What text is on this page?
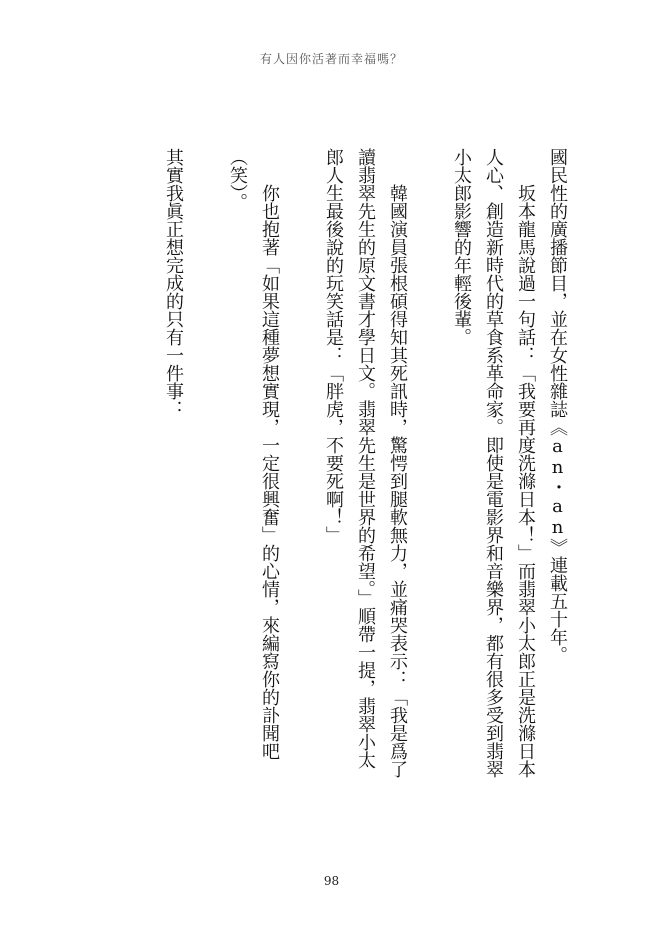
有人因你活著而幸福嗎？

國民性的廣播節目，並在女性雜誌《an・an》連載五十年。

坂本龍馬說過一句話：「我要再度洗滌日本！」而翡翠小太郎正是洗滌日本

人心、創造新時代的草食系革命家。即使是電影界和音樂界，都有很多受到翡翠

小太郎影響的年輕後輩。

韓國演員張根碩得知其死訊時，驚愕到腿軟無力，並痛哭表示：「我是爲了

讀翡翠先生的原文書才學日文。翡翠先生是世界的希望。」順帶一提，翡翠小太

郎人生最後說的玩笑話是：「胖虎，不要死啊！」

你也抱著「如果這種夢想實現，一定很興奮」的心情，來編寫你的訃聞吧

（笑）。

其實我眞正想完成的只有一件事：

98
